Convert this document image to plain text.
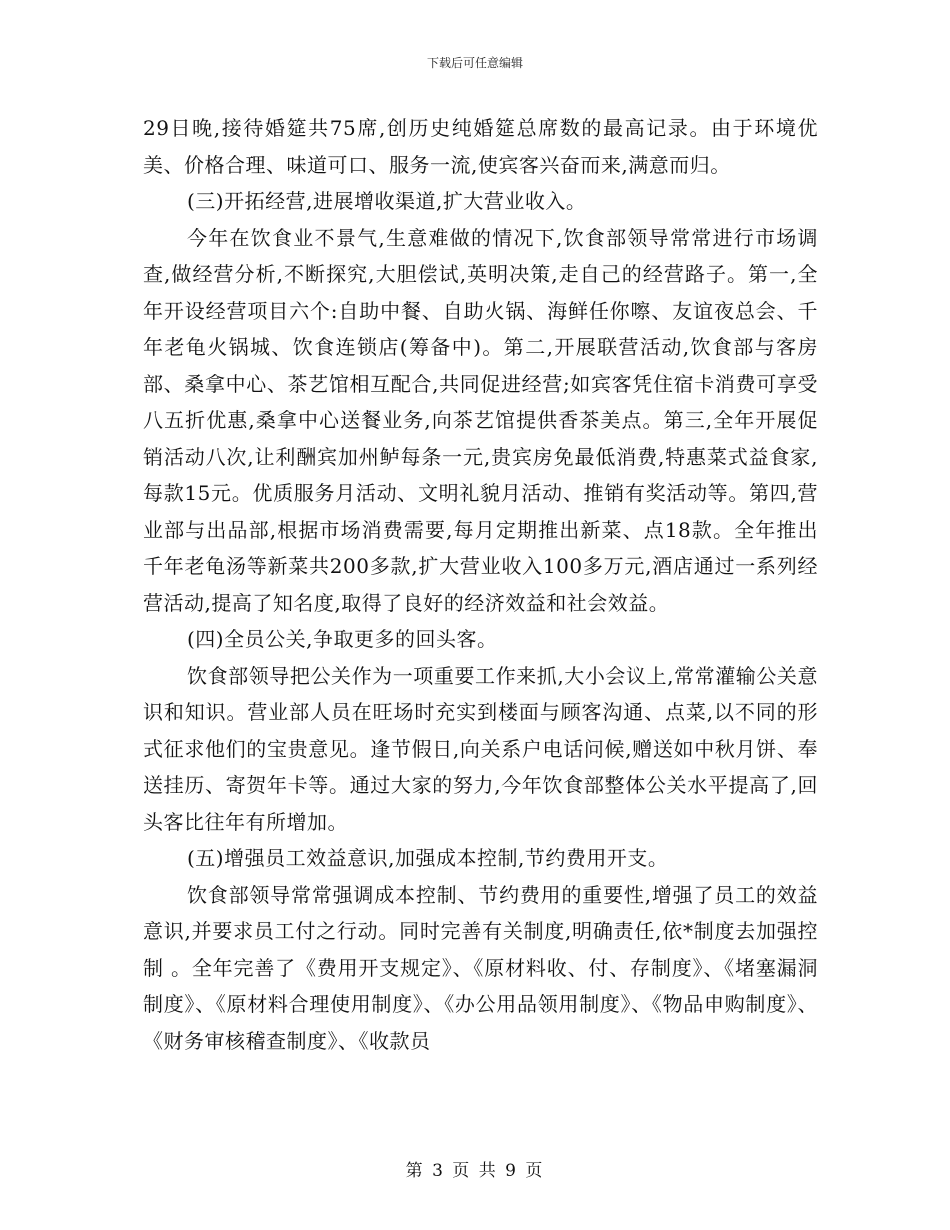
下载后可任意编辑

29日晚,接待婚筵共75席,创历史纯婚筵总席数的最高记录。由于环境优美、价格合理、味道可口、服务一流,使宾客兴奋而来,满意而归。

(三)开拓经营,进展增收渠道,扩大营业收入。

今年在饮食业不景气,生意难做的情况下,饮食部领导常常进行市场调查,做经营分析,不断探究,大胆偿试,英明决策,走自己的经营路子。第一,全年开设经营项目六个:自助中餐、自助火锅、海鲜任你嚓、友谊夜总会、千年老龟火锅城、饮食连锁店(筹备中)。第二,开展联营活动,饮食部与客房部、桑拿中心、茶艺馆相互配合,共同促进经营;如宾客凭住宿卡消费可享受八五折优惠,桑拿中心送餐业务,向茶艺馆提供香茶美点。第三,全年开展促销活动八次,让利酬宾加州鲈每条一元,贵宾房免最低消费,特惠菜式益食家,每款15元。优质服务月活动、文明礼貌月活动、推销有奖活动等。第四,营业部与出品部,根据市场消费需要,每月定期推出新菜、点18款。全年推出千年老龟汤等新菜共200多款,扩大营业收入100多万元,酒店通过一系列经营活动,提高了知名度,取得了良好的经济效益和社会效益。

(四)全员公关,争取更多的回头客。

饮食部领导把公关作为一项重要工作来抓,大小会议上,常常灌输公关意识和知识。营业部人员在旺场时充实到楼面与顾客沟通、点菜,以不同的形式征求他们的宝贵意见。逢节假日,向关系户电话问候,赠送如中秋月饼、奉送挂历、寄贺年卡等。通过大家的努力,今年饮食部整体公关水平提高了,回头客比往年有所增加。

(五)增强员工效益意识,加强成本控制,节约费用开支。

饮食部领导常常强调成本控制、节约费用的重要性,增强了员工的效益意识,并要求员工付之行动。同时完善有关制度,明确责任,依*制度去加强控制 。全年完善了《费用开支规定》、《原材料收、付、存制度》、《堵塞漏洞制度》、《原材料合理使用制度》、《办公用品领用制度》、《物品申购制度》、《财务审核稽查制度》、《收款员

第 3 页 共 9 页
